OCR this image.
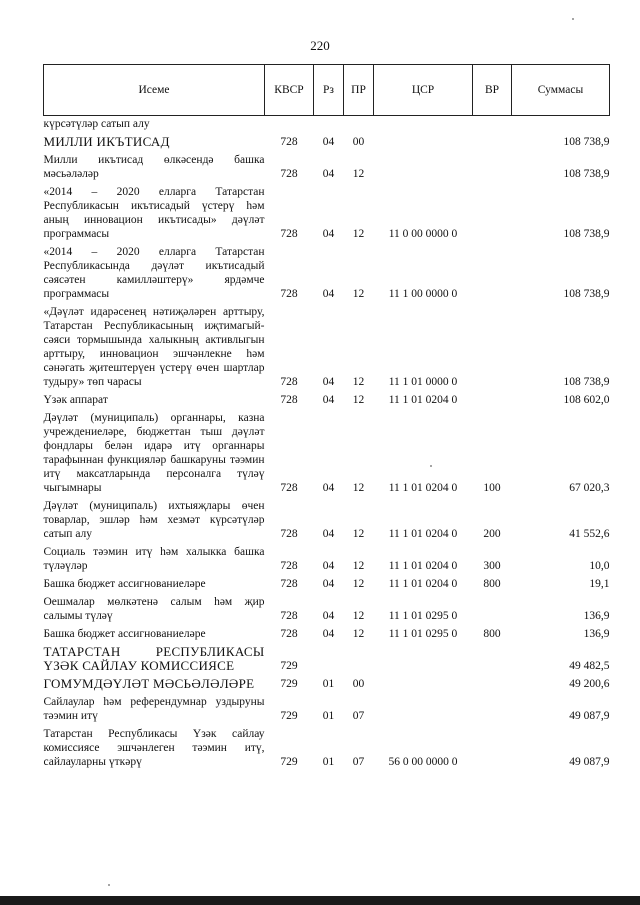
220
Исеме	КВСР	Рз	ПР	ЦСР	ВР	Суммасы
күрсәтүләр сатып алу						
МИЛЛИ ИКЪТИСАД	728	04	00			108 738,9
Милли икътисад өлкәсендә башка мәсьәләләр	728	04	12			108 738,9
«2014 – 2020 елларга Татарстан Республикасын икътисадый үстерү һәм аның инновацион икътисады» дәүләт программасы	728	04	12	11 0 00 0000 0		108 738,9
«2014 – 2020 елларга Татарстан Республикасында дәүләт икътисадый сәясәтен камилләштерү» ярдәмче программасы	728	04	12	11 1 00 0000 0		108 738,9
«Дәүләт идарәсенең нәтиҗәләрен арттыру, Татарстан Республикасының иҗтимагый-сәяси тормышында халыкның активлыгын арттыру, инновацион эшчәнлекне һәм сәнәгать җитештерүен үстерү өчен шартлар тудыру» төп чарасы	728	04	12	11 1 01 0000 0		108 738,9
Үзәк аппарат	728	04	12	11 1 01 0204 0		108 602,0
Дәүләт (муниципаль) органнары, казна учреждениеләре, бюджеттан тыш дәүләт фондлары белән идарә итү органнары тарафыннан функцияләр башкаруны тәэмин итү максатларында персоналга түләү чыгымнары	728	04	12	11 1 01 0204 0	100	67 020,3
Дәүләт (муниципаль) ихтыяҗлары өчен товарлар, эшләр һәм хезмәт күрсәтүләр сатып алу	728	04	12	11 1 01 0204 0	200	41 552,6
Социаль тәэмин итү һәм халыкка башка түләүләр	728	04	12	11 1 01 0204 0	300	10,0
Башка бюджет ассигнованиеләре	728	04	12	11 1 01 0204 0	800	19,1
Оешмалар мөлкәтенә салым һәм җир салымы түләү	728	04	12	11 1 01 0295 0		136,9
Башка бюджет ассигнованиеләре	728	04	12	11 1 01 0295 0	800	136,9
ТАТАРСТАН РЕСПУБЛИКАСЫ ҮЗӘК САЙЛАУ КОМИССИЯСЕ	729					49 482,5
ГОМУМДӘҮЛӘТ МӘСЬӘЛӘЛӘРЕ	729	01	00			49 200,6
Сайлаулар һәм референдумнар уздыруны тәэмин итү	729	01	07			49 087,9
Татарстан Республикасы Үзәк сайлау комиссиясе эшчәнлеген тәэмин итү, сайлауларны үткәрү	729	01	07	56 0 00 0000 0		49 087,9
